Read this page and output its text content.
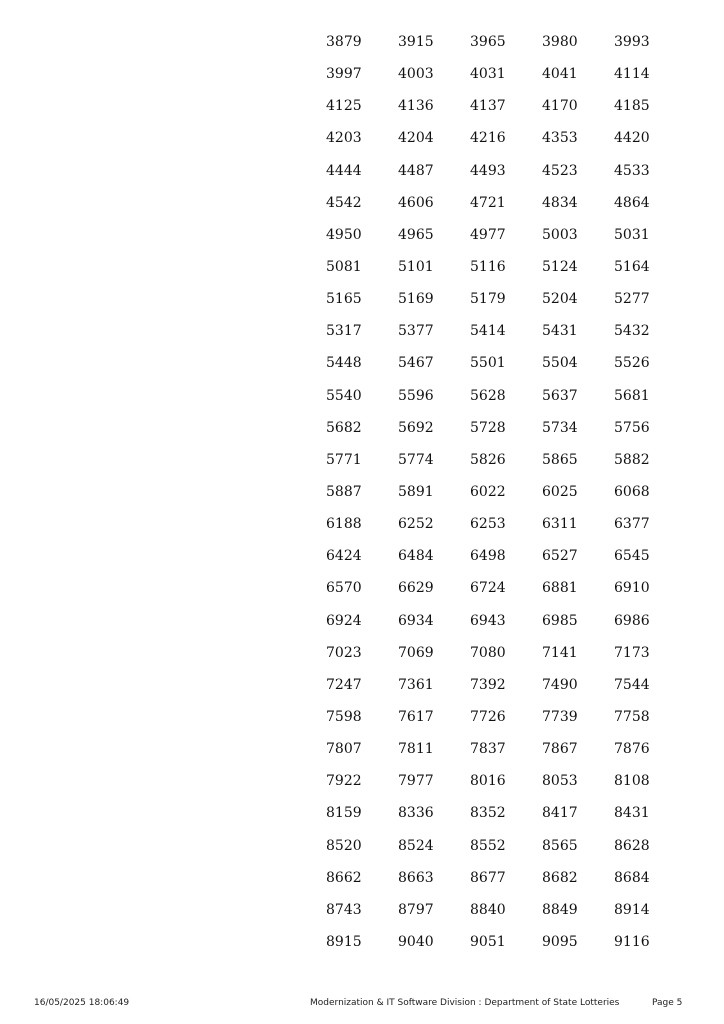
3879	3915	3965	3980	3993
3997	4003	4031	4041	4114
4125	4136	4137	4170	4185
4203	4204	4216	4353	4420
4444	4487	4493	4523	4533
4542	4606	4721	4834	4864
4950	4965	4977	5003	5031
5081	5101	5116	5124	5164
5165	5169	5179	5204	5277
5317	5377	5414	5431	5432
5448	5467	5501	5504	5526
5540	5596	5628	5637	5681
5682	5692	5728	5734	5756
5771	5774	5826	5865	5882
5887	5891	6022	6025	6068
6188	6252	6253	6311	6377
6424	6484	6498	6527	6545
6570	6629	6724	6881	6910
6924	6934	6943	6985	6986
7023	7069	7080	7141	7173
7247	7361	7392	7490	7544
7598	7617	7726	7739	7758
7807	7811	7837	7867	7876
7922	7977	8016	8053	8108
8159	8336	8352	8417	8431
8520	8524	8552	8565	8628
8662	8663	8677	8682	8684
8743	8797	8840	8849	8914
8915	9040	9051	9095	9116
16/05/2025 18:06:49	Modernization & IT Software Division : Department of State Lotteries	Page 5
